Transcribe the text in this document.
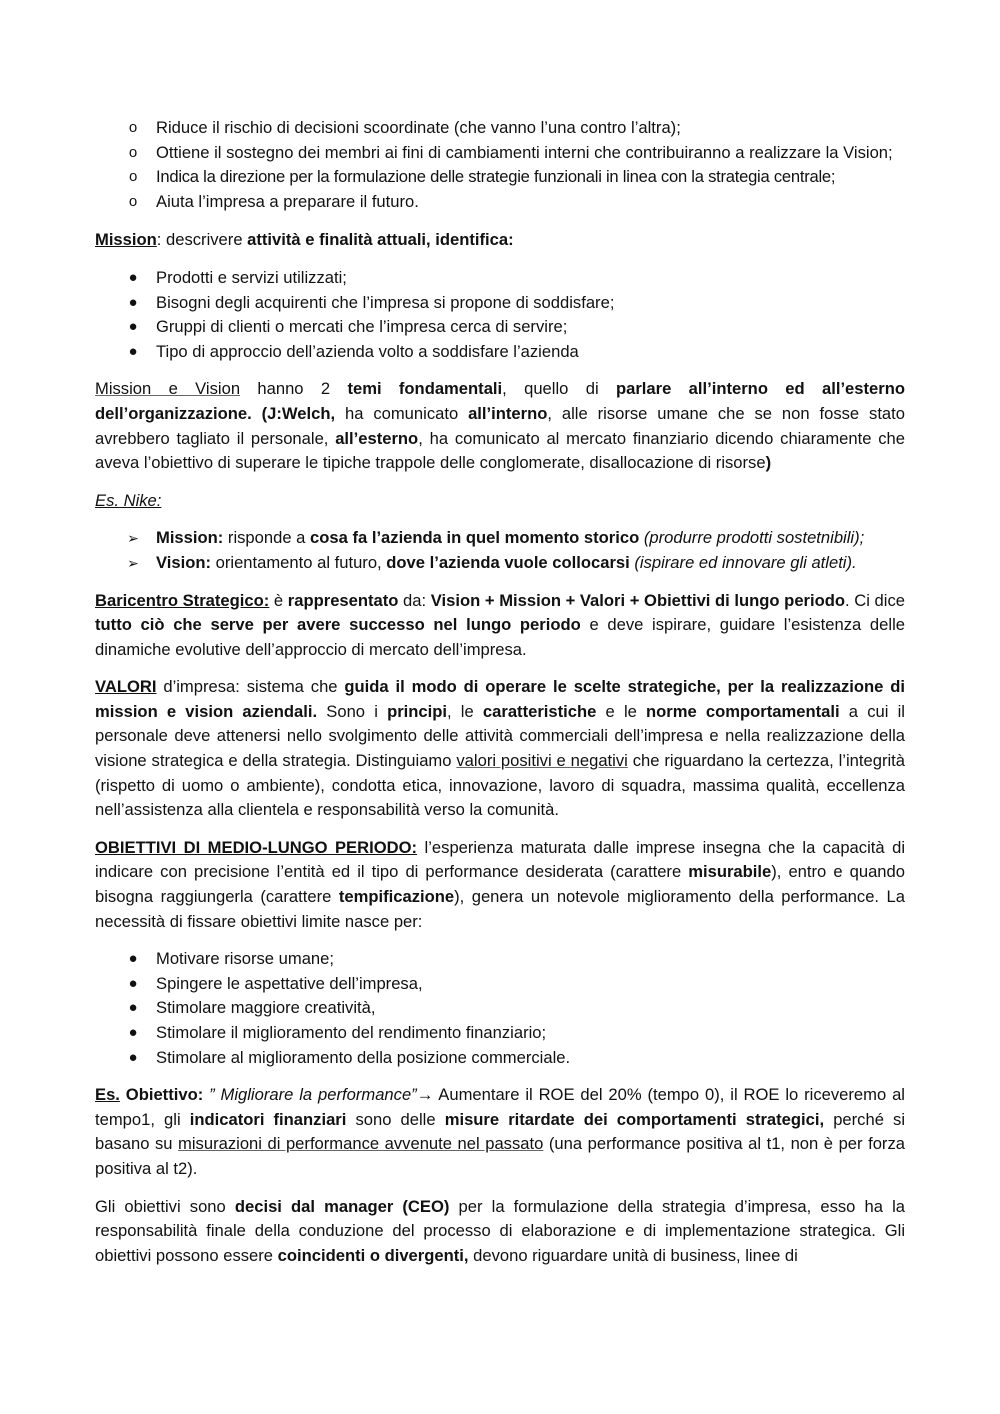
o Riduce il rischio di decisioni scoordinate (che vanno l’una contro l’altra);
o Ottiene il sostegno dei membri ai fini di cambiamenti interni che contribuiranno a realizzare la Vision;
o Indica la direzione per la formulazione delle strategie funzionali in linea con la strategia centrale;
o Aiuta l’impresa a preparare il futuro.

Mission: descrivere attività e finalità attuali, identifica:

● Prodotti e servizi utilizzati;
● Bisogni degli acquirenti che l’impresa si propone di soddisfare;
● Gruppi di clienti o mercati che l’impresa cerca di servire;
● Tipo di approccio dell’azienda volto a soddisfare l’azienda

Mission e Vision hanno 2 temi fondamentali, quello di parlare all’interno ed all’esterno dell’organizzazione. (J:Welch, ha comunicato all’interno, alle risorse umane che se non fosse stato avrebbero tagliato il personale, all’esterno, ha comunicato al mercato finanziario dicendo chiaramente che aveva l’obiettivo di superare le tipiche trappole delle conglomerate, disallocazione di risorse)

Es. Nike:

➢ Mission: risponde a cosa fa l’azienda in quel momento storico (produrre prodotti sostetnibili);
➢ Vision: orientamento al futuro, dove l’azienda vuole collocarsi (ispirare ed innovare gli atleti).

Baricentro Strategico: è rappresentato da: Vision + Mission + Valori + Obiettivi di lungo periodo. Ci dice tutto ciò che serve per avere successo nel lungo periodo e deve ispirare, guidare l’esistenza delle dinamiche evolutive dell’approccio di mercato dell’impresa.

VALORI d’impresa: sistema che guida il modo di operare le scelte strategiche, per la realizzazione di mission e vision aziendali. Sono i principi, le caratteristiche e le norme comportamentali a cui il personale deve attenersi nello svolgimento delle attività commerciali dell’impresa e nella realizzazione della visione strategica e della strategia. Distinguiamo valori positivi e negativi che riguardano la certezza, l’integrità (rispetto di uomo o ambiente), condotta etica, innovazione, lavoro di squadra, massima qualità, eccellenza nell’assistenza alla clientela e responsabilità verso la comunità.

OBIETTIVI DI MEDIO-LUNGO PERIODO: l’esperienza maturata dalle imprese insegna che la capacità di indicare con precisione l’entità ed il tipo di performance desiderata (carattere misurabile), entro e quando bisogna raggiungerla (carattere tempificazione), genera un notevole miglioramento della performance. La necessità di fissare obiettivi limite nasce per:

● Motivare risorse umane;
● Spingere le aspettative dell’impresa,
● Stimolare maggiore creatività,
● Stimolare il miglioramento del rendimento finanziario;
● Stimolare al miglioramento della posizione commerciale.

Es. Obiettivo: ” Migliorare la performance”→ Aumentare il ROE del 20% (tempo 0), il ROE lo riceveremo al tempo1, gli indicatori finanziari sono delle misure ritardate dei comportamenti strategici, perché si basano su misurazioni di performance avvenute nel passato (una performance positiva al t1, non è per forza positiva al t2).

Gli obiettivi sono decisi dal manager (CEO) per la formulazione della strategia d’impresa, esso ha la responsabilità finale della conduzione del processo di elaborazione e di implementazione strategica. Gli obiettivi possono essere coincidenti o divergenti, devono riguardare unità di business, linee di
